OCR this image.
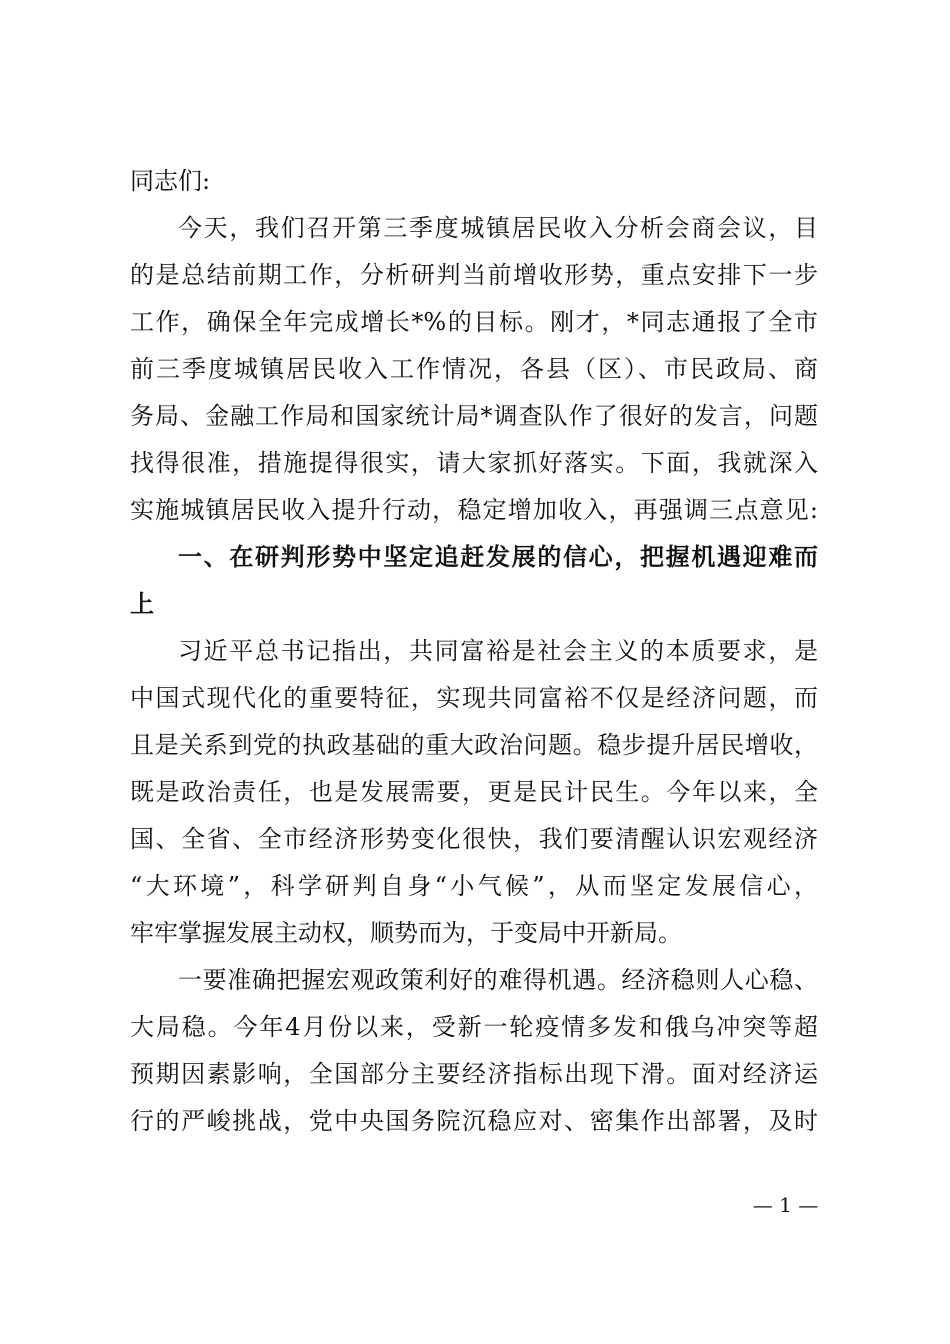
同志们:
今天，我们召开第三季度城镇居民收入分析会商会议，目
的是总结前期工作，分析研判当前增收形势，重点安排下一步
工作，确保全年完成增长*%的目标。刚才，*同志通报了全市
前三季度城镇居民收入工作情况，各县（区）、市民政局、商
务局、金融工作局和国家统计局*调查队作了很好的发言，问题
找得很准，措施提得很实，请大家抓好落实。下面，我就深入
实施城镇居民收入提升行动，稳定增加收入，再强调三点意见:
一、在研判形势中坚定追赶发展的信心，把握机遇迎难而
上
习近平总书记指出，共同富裕是社会主义的本质要求，是
中国式现代化的重要特征，实现共同富裕不仅是经济问题，而
且是关系到党的执政基础的重大政治问题。稳步提升居民增收，
既是政治责任，也是发展需要，更是民计民生。今年以来，全
国、全省、全市经济形势变化很快，我们要清醒认识宏观经济
“大环境”，科学研判自身“小气候”，从而坚定发展信心，
牢牢掌握发展主动权，顺势而为，于变局中开新局。
一要准确把握宏观政策利好的难得机遇。经济稳则人心稳、
大局稳。今年4月份以来，受新一轮疫情多发和俄乌冲突等超
预期因素影响，全国部分主要经济指标出现下滑。面对经济运
行的严峻挑战，党中央国务院沉稳应对、密集作出部署，及时
— 1 —
